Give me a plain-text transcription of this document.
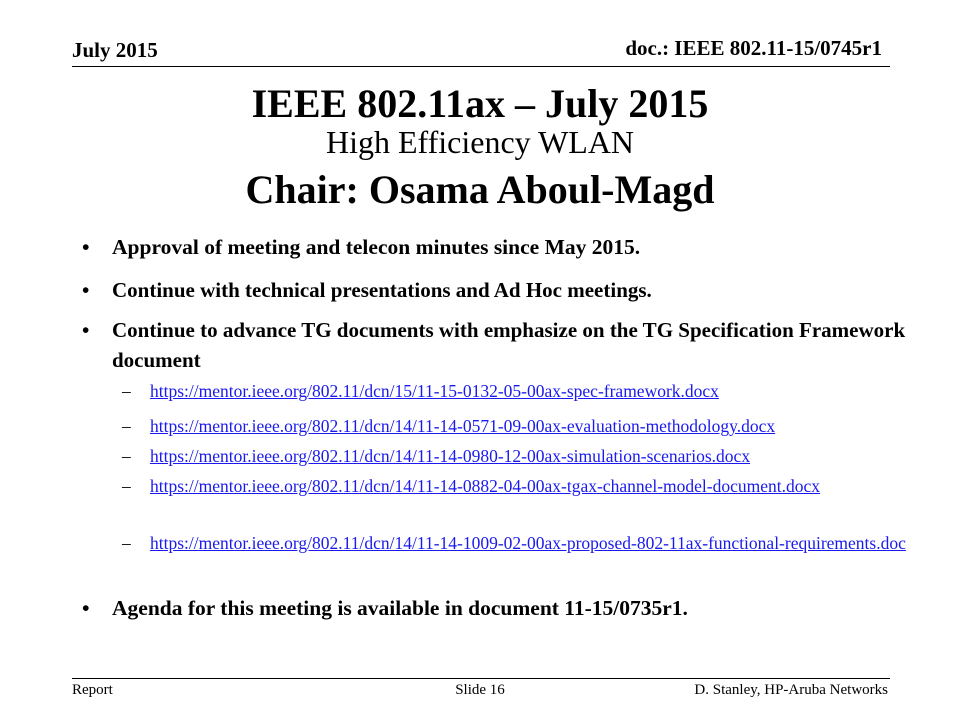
July 2015	doc.: IEEE 802.11-15/0745r1
IEEE 802.11ax – July 2015
High Efficiency WLAN
Chair: Osama Aboul-Magd
•	Approval of meeting and telecon minutes since May 2015.
•	Continue with technical presentations and Ad Hoc meetings.
•	Continue to advance TG documents with emphasize on the TG Specification Framework document
–	https://mentor.ieee.org/802.11/dcn/15/11-15-0132-05-00ax-spec-framework.docx
–	https://mentor.ieee.org/802.11/dcn/14/11-14-0571-09-00ax-evaluation-methodology.docx
–	https://mentor.ieee.org/802.11/dcn/14/11-14-0980-12-00ax-simulation-scenarios.docx
–	https://mentor.ieee.org/802.11/dcn/14/11-14-0882-04-00ax-tgax-channel-model-document.docx
–	https://mentor.ieee.org/802.11/dcn/14/11-14-1009-02-00ax-proposed-802-11ax-functional-requirements.doc
•	Agenda for this meeting is available in document 11-15/0735r1.
Report	Slide 16	D. Stanley, HP-Aruba Networks
